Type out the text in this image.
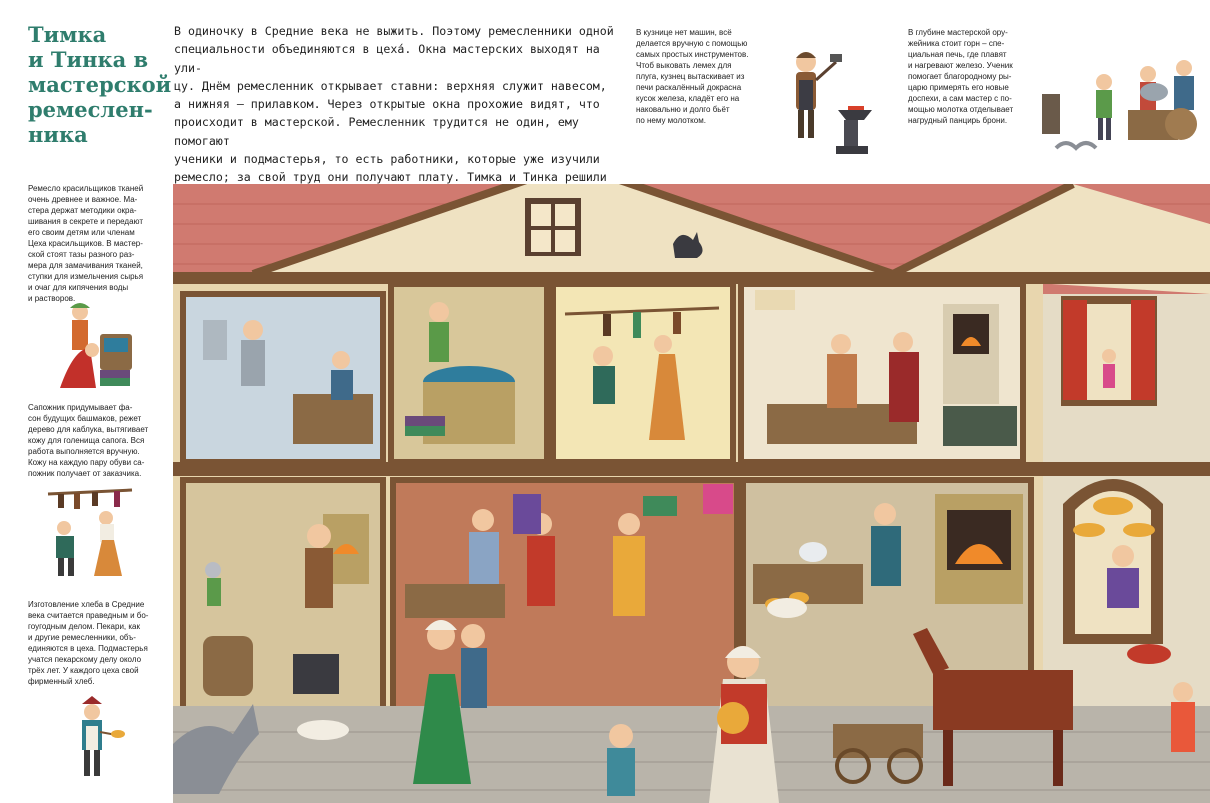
Тимка
и Тинка в
мастерской
ремеслен-
ника

В одиночку в Средние века не выжить. Поэтому ремесленники одной

специальности объединяются в цеха́. Окна мастерских выходят на ули-

цу. Днём ремесленник открывает ставни: верхняя служит навесом,

а нижняя – прилавком. Через открытые окна прохожие видят, что

происходит в мастерской. Ремесленник трудится не один, ему помогают

ученики и подмастерья, то есть работники, которые уже изучили

ремесло; за свой труд они получают плату. Тимка и Тинка решили

В кузнице нет машин, всё

делается вручную с помощью

самых простых инструментов.

Чтоб выковать лемех для

плуга, кузнец вытаскивает из

печи раскалённый докрасна

кусок железа, кладёт его на

наковальню и долго бьёт

по нему молотком.

В глубине мастерской ору-

жейника стоит горн – спе-

циальная печь, где плавят

и нагревают железо. Ученик

помогает благородному ры-

царю примерять его новые

доспехи, а сам мастер с по-

мощью молотка отделывает

нагрудный панцирь брони.

Ремесло красильщиков тканей

очень древнее и важное. Ма-

стера держат методики окра-

шивания в секрете и передают

его своим детям или членам

Цеха красильщиков. В мастер-

ской стоят тазы разного раз-

мера для замачивания тканей,

ступки для измельчения сырья

и очаг для кипячения воды

и растворов.

Сапожник придумывает фа-

сон будущих башмаков, режет

дерево для каблука, вытягивает

кожу для голенища сапога. Вся

работа выполняется вручную.

Кожу на каждую пару обуви са-

пожник получает от заказчика.

Изготовление хлеба в Средние

века считается праведным и бо-

гоугодным делом. Пекари, как

и другие ремесленники, объ-

единяются в цеха. Подмастерья

учатся пекарскому делу около

трёх лет. У каждого цеха свой

фирменный хлеб.
